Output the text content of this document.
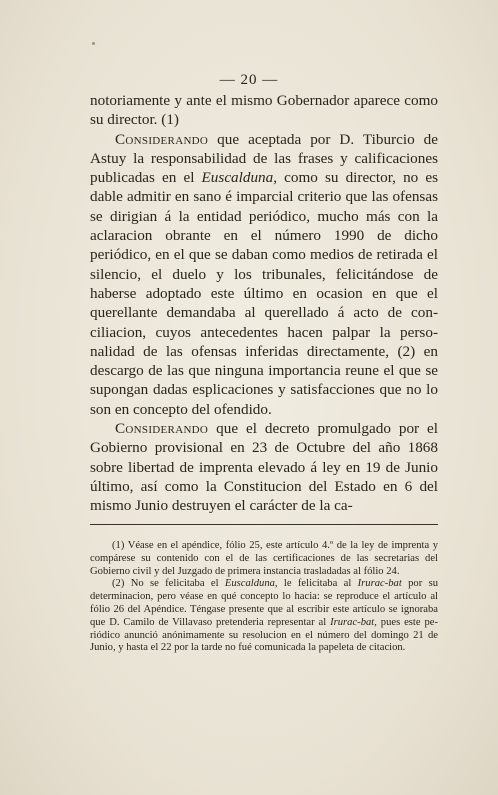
— 20 —

notoriamente y ante el mismo Gobernador aparece como su director. (1)

Considerando que aceptada por D. Tiburcio de Astuy la responsabilidad de las frases y calificaciones publicadas en el Euscalduna, como su director, no es dable admitir en sano é imparcial criterio que las ofensas se dirigian á la entidad periódico, mucho más con la aclaracion obrante en el número 1990 de dicho periódico, en el que se daban como medios de retirada el silencio, el duelo y los tribunales, felicitándose de haberse adoptado este último en ocasion en que el querellante demandaba al querellado á acto de conciliacion, cuyos antecedentes hacen palpar la personalidad de las ofensas inferidas directamente, (2) en descargo de las que ninguna importancia reune el que se supongan dadas esplicaciones y satisfacciones que no lo son en concepto del ofendido.

Considerando que el decreto promulgado por el Gobierno provisional en 23 de Octubre del año 1868 sobre libertad de imprenta elevado á ley en 19 de Junio último, así como la Constitucion del Estado en 6 del mismo Junio destruyen el carácter de la ca-

(1) Véase en el apéndice, fólio 25, este artículo 4.º de la ley de imprenta y compárese su contenido con el de las certificaciones de las secretarias del Gobierno civil y del Juzgado de primera instancia trasladadas al fólio 24.

(2) No se felicitaba el Euscalduna, le felicitaba al Irurac-bat por su determinacion, pero véase en qué concepto lo hacia: se reproduce el artículo al fólio 26 del Apéndice. Téngase presente que al escribir este artículo se ignoraba que D. Camilo de Villavaso pretenderia representar al Irurac-bat, pues este periódico anunció anónimamente su resolucion en el número del domingo 21 de Junio, y hasta el 22 por la tarde no fué comunicada la papeleta de citacion.
